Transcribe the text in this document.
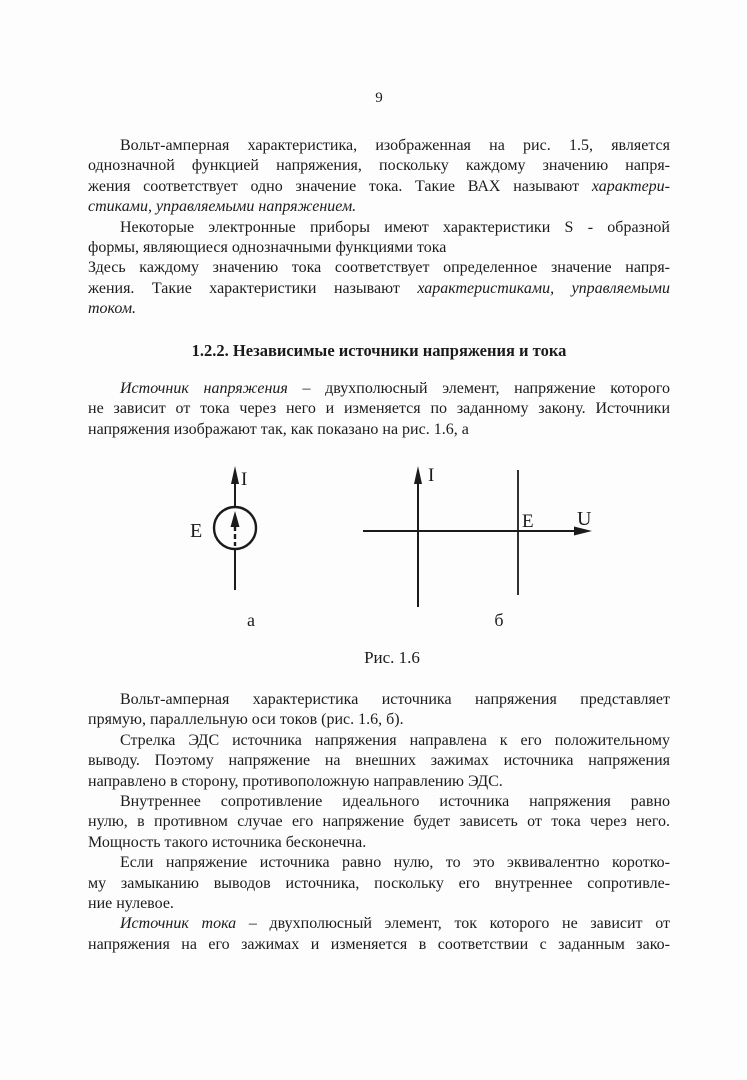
9
Вольт-амперная характеристика, изображенная на рис. 1.5, является
однозначной функцией напряжения, поскольку каждому значению напря-
жения соответствует одно значение тока. Такие ВАХ называют характери-
стиками, управляемыми напряжением.
Некоторые электронные приборы имеют характеристики S - образной
формы, являющиеся однозначными функциями тока
Здесь каждому значению тока соответствует определенное значение напря-
жения. Такие характеристики называют характеристиками, управляемыми
током.
1.2.2. Независимые источники напряжения и тока
Источник напряжения – двухполюсный элемент, напряжение которого
не зависит от тока через него и изменяется по заданному закону. Источники
напряжения изображают так, как показано на рис. 1.6, а
E
I
а
I
U
E
б
Рис. 1.6
Вольт-амперная характеристика источника напряжения представляет
прямую, параллельную оси токов (рис. 1.6, б).
Стрелка ЭДС источника напряжения направлена к его положительному
выводу. Поэтому напряжение на внешних зажимах источника напряжения
направлено в сторону, противоположную направлению ЭДС.
Внутреннее сопротивление идеального источника напряжения равно
нулю, в противном случае его напряжение будет зависеть от тока через него.
Мощность такого источника бесконечна.
Если напряжение источника равно нулю, то это эквивалентно коротко-
му замыканию выводов источника, поскольку его внутреннее сопротивле-
ние нулевое.
Источник тока – двухполюсный элемент, ток которого не зависит от
напряжения на его зажимах и изменяется в соответствии с заданным зако-
